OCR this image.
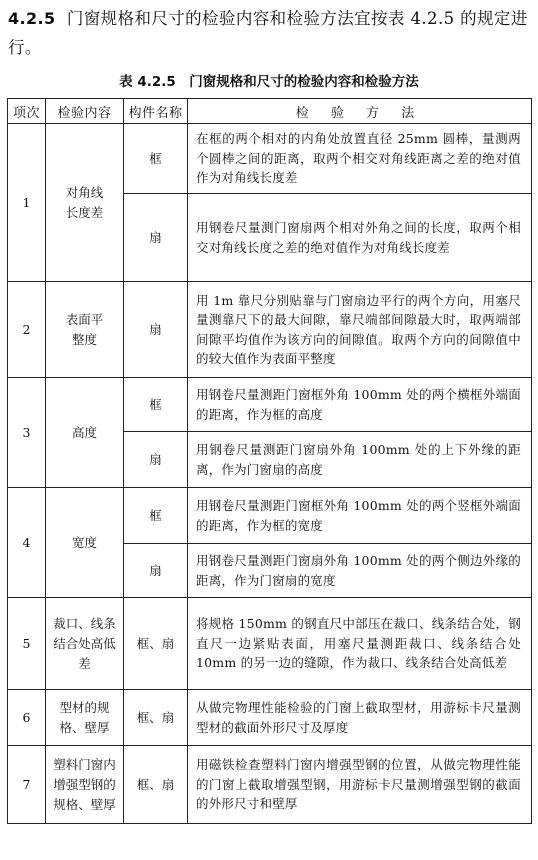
4.2.5 门窗规格和尺寸的检验内容和检验方法宜按表 4.2.5 的规定进行。
表 4.2.5　门窗规格和尺寸的检验内容和检验方法
项次	检验内容	构件名称	检 验 方 法
1	对角线长度差	框	在框的两个相对的内角处放置直径 25mm 圆棒，量测两个圆棒之间的距离，取两个相交对角线距离之差的绝对值作为对角线长度差
		扇	用钢卷尺量测门窗扇两个相对外角之间的长度，取两个相交对角线长度之差的绝对值作为对角线长度差
2	表面平整度	扇	用 1m 靠尺分别贴靠与门窗扇边平行的两个方向，用塞尺量测靠尺下的最大间隙，靠尺端部间隙最大时，取两端部间隙平均值作为该方向的间隙值。取两个方向的间隙值中的较大值作为表面平整度
3	高度	框	用钢卷尺量测距门窗框外角 100mm 处的两个横框外端面的距离，作为框的高度
		扇	用钢卷尺量测距门窗扇外角 100mm 处的上下外缘的距离，作为门窗扇的高度
4	宽度	框	用钢卷尺量测距门窗框外角 100mm 处的两个竖框外端面的距离，作为框的宽度
		扇	用钢卷尺量测距门窗扇外角 100mm 处的两个侧边外缘的距离，作为门窗扇的宽度
5	裁口、线条结合处高低差	框、扇	将规格 150mm 的钢直尺中部压在裁口、线条结合处，钢直尺一边紧贴表面，用塞尺量测距裁口、线条结合处 10mm 的另一边的缝隙，作为裁口、线条结合处高低差
6	型材的规格、壁厚	框、扇	从做完物理性能检验的门窗上截取型材，用游标卡尺量测型材的截面外形尺寸及厚度
7	塑料门窗内增强型钢的规格、壁厚	框、扇	用磁铁检查塑料门窗内增强型钢的位置，从做完物理性能的门窗上截取增强型钢，用游标卡尺量测增强型钢的截面的外形尺寸和壁厚
